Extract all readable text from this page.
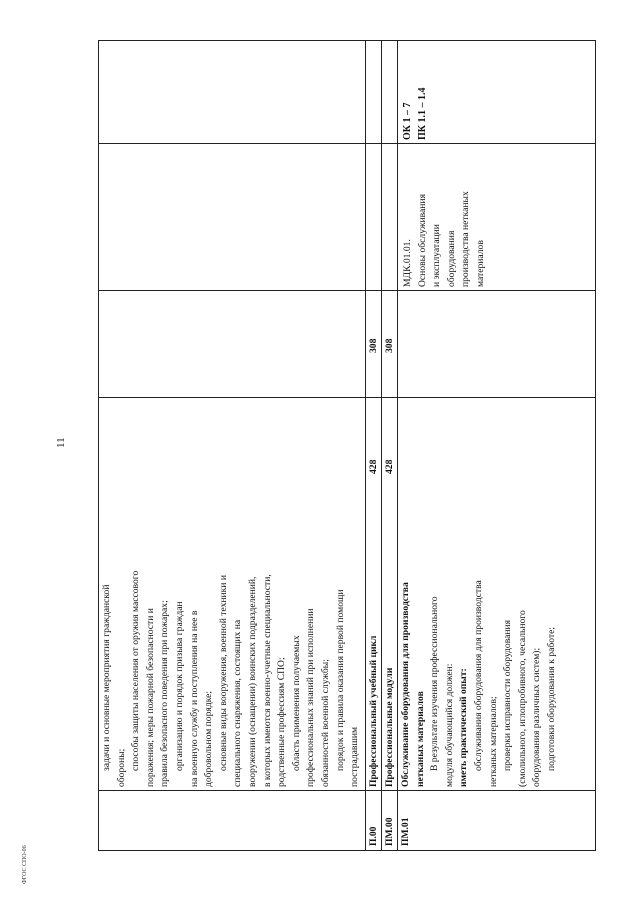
11
ФГОС СПО-06
задачи и основные мероприятия гражданской обороны; способы защиты населения от оружия массового поражения; меры пожарной безопасности и правила безопасного поведения при пожарах; организацию и порядок призыва граждан на военную службу и поступления на нее в добровольном порядке; основные виды вооружения, военной техники и специального снаряжения, состоящих на вооружении (оснащении) воинских подразделений, в которых имеются военно-учетные специальности, родственные профессиям СПО; область применения получаемых профессиональных знаний при исполнении обязанностей военной службы; порядок и правила оказания первой помощи пострадавшим
П.00
Профессиональный учебный цикл
428
308
ПМ.00
Профессиональные модули
428
308
ПМ.01
Обслуживание оборудования для производства нетканых материалов В результате изучения профессионального модуля обучающийся должен: иметь практический опыт: обслуживания оборудования для производства нетканых материалов; проверки исправности оборудования (смолильного, иглопробивного, чесального оборудования различных систем); подготовки оборудования к работе;
МДК.01.01. Основы обслуживания и эксплуатации оборудования производства нетканых материалов
ОК 1 – 7 ПК 1.1 – 1.4
